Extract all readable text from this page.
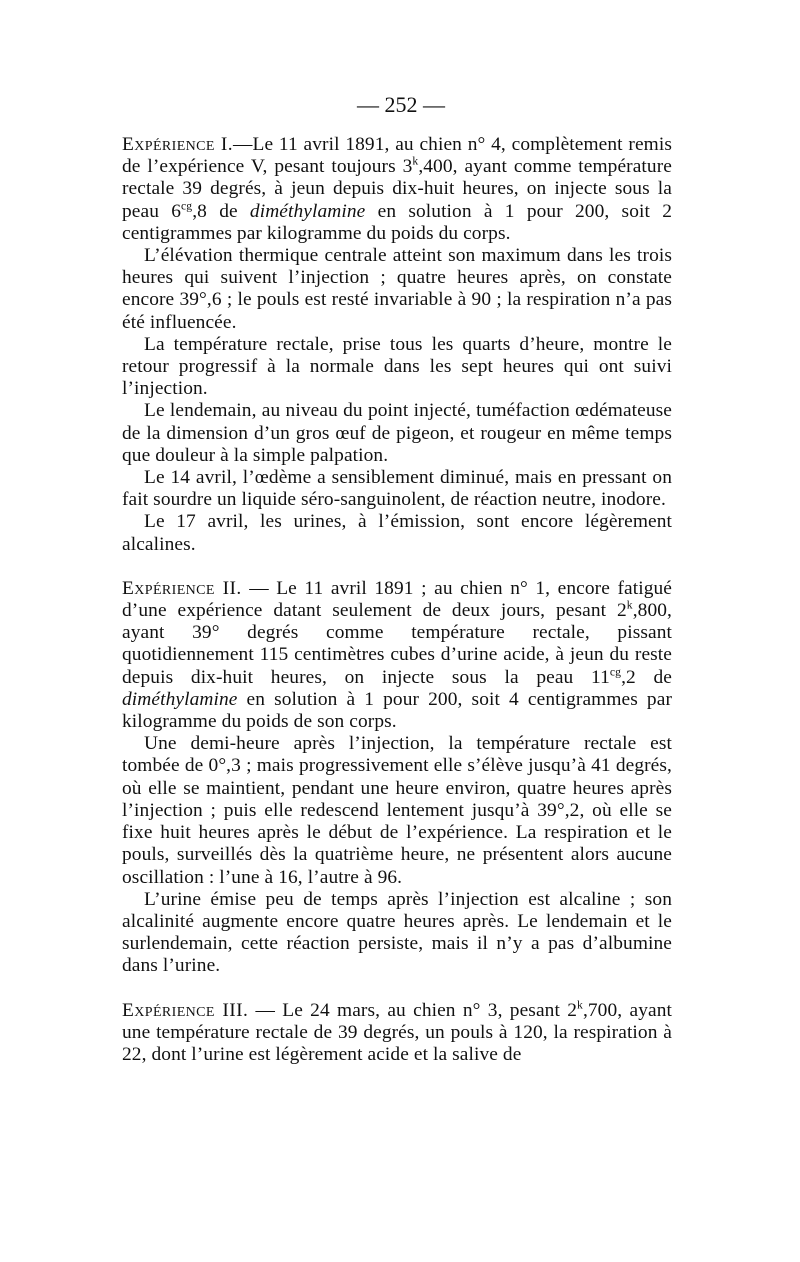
— 252 —

Expérience I.—Le 11 avril 1891, au chien n° 4, complètement remis de l’expérience V, pesant toujours 3$^k$,400, ayant comme température rectale 39 degrés, à jeun depuis dix-huit heures, on injecte sous la peau $6^{cg},8$ de diméthylamine en solution à 1 pour 200, soit 2 centigrammes par kilogramme du poids du corps.

L’élévation thermique centrale atteint son maximum dans les trois heures qui suivent l’injection ; quatre heures après, on constate encore 39°,6 ; le pouls est resté invariable à 90 ; la respiration n’a pas été influencée.

La température rectale, prise tous les quarts d’heure, montre le retour progressif à la normale dans les sept heures qui ont suivi l’injection.

Le lendemain, au niveau du point injecté, tuméfaction œdémateuse de la dimension d’un gros œuf de pigeon, et rougeur en même temps que douleur à la simple palpation.

Le 14 avril, l’œdème a sensiblement diminué, mais en pressant on fait sourdre un liquide séro-sanguinolent, de réaction neutre, inodore.

Le 17 avril, les urines, à l’émission, sont encore légèrement alcalines.

Expérience II. — Le 11 avril 1891 ; au chien n° 1, encore fatigué d’une expérience datant seulement de deux jours, pesant 2$^k$,800, ayant 39° degrés comme température rectale, pissant quotidiennement 115 centimètres cubes d’urine acide, à jeun du reste depuis dix-huit heures, on injecte sous la peau $11^{cg},2$ de diméthylamine en solution à 1 pour 200, soit 4 centigrammes par kilogramme du poids de son corps.

Une demi-heure après l’injection, la température rectale est tombée de 0°,3 ; mais progressivement elle s’élève jusqu’à 41 degrés, où elle se maintient, pendant une heure environ, quatre heures après l’injection ; puis elle redescend lentement jusqu’à 39°,2, où elle se fixe huit heures après le début de l’expérience. La respiration et le pouls, surveillés dès la quatrième heure, ne présentent alors aucune oscillation : l’une à 16, l’autre à 96.

L’urine émise peu de temps après l’injection est alcaline ; son alcalinité augmente encore quatre heures après. Le lendemain et le surlendemain, cette réaction persiste, mais il n’y a pas d’albumine dans l’urine.

Expérience III. — Le 24 mars, au chien n° 3, pesant 2$^k$,700, ayant une température rectale de 39 degrés, un pouls à 120, la respiration à 22, dont l’urine est légèrement acide et la salive de
